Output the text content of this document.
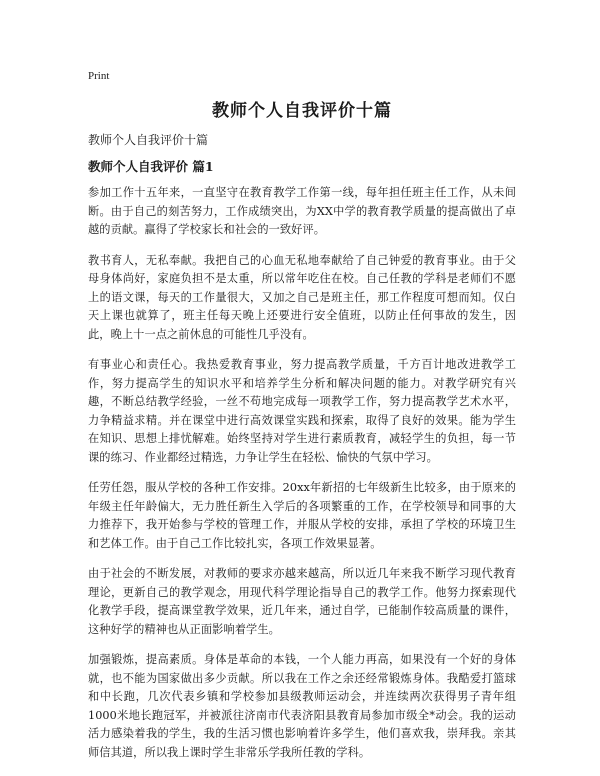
Print
教师个人自我评价十篇

教师个人自我评价十篇

教师个人自我评价 篇1

参加工作十五年来，一直坚守在教育教学工作第一线，每年担任班主任工作，从未间断。由于自己的刻苦努力，工作成绩突出，为XX中学的教育教学质量的提高做出了卓越的贡献。赢得了学校家长和社会的一致好评。

教书育人，无私奉献。我把自己的心血无私地奉献给了自己钟爱的教育事业。由于父母身体尚好，家庭负担不是太重，所以常年吃住在校。自己任教的学科是老师们不愿上的语文课，每天的工作量很大，又加之自己是班主任，那工作程度可想而知。仅白天上课也就算了，班主任每天晚上还要进行安全值班，以防止任何事故的发生，因此，晚上十一点之前休息的可能性几乎没有。

有事业心和责任心。我热爱教育事业，努力提高教学质量，千方百计地改进教学工作，努力提高学生的知识水平和培养学生分析和解决问题的能力。对教学研究有兴趣，不断总结教学经验，一丝不苟地完成每一项教学工作，努力提高教学艺术水平，力争精益求精。并在课堂中进行高效课堂实践和探索，取得了良好的效果。能为学生在知识、思想上排忧解难。始终坚持对学生进行素质教育，减轻学生的负担，每一节课的练习、作业都经过精选，力争让学生在轻松、愉快的气氛中学习。

任劳任怨，服从学校的各种工作安排。20xx年新招的七年级新生比较多，由于原来的年级主任年龄偏大，无力胜任新生入学后的各项繁重的工作，在学校领导和同事的大力推荐下，我开始参与学校的管理工作，并服从学校的安排，承担了学校的环境卫生和艺体工作。由于自己工作比较扎实，各项工作效果显著。

由于社会的不断发展，对教师的要求亦越来越高，所以近几年来我不断学习现代教育理论，更新自己的教学观念，用现代科学理论指导自己的教学工作。他努力探索现代化教学手段，提高课堂教学效果，近几年来，通过自学，已能制作较高质量的课件，这种好学的精神也从正面影响着学生。

加强锻炼，提高素质。身体是革命的本钱，一个人能力再高，如果没有一个好的身体就，也不能为国家做出多少贡献。所以我在工作之余还经常锻炼身体。我酷爱打篮球和中长跑，几次代表乡镇和学校参加县级教师运动会，并连续两次获得男子青年组1000米地长跑冠军，并被派往济南市代表济阳县教育局参加市级全*动会。我的运动活力感染着我的学生，我的生活习惯也影响着许多学生，他们喜欢我，崇拜我。亲其师信其道，所以我上课时学生非常乐学我所任教的学科。
